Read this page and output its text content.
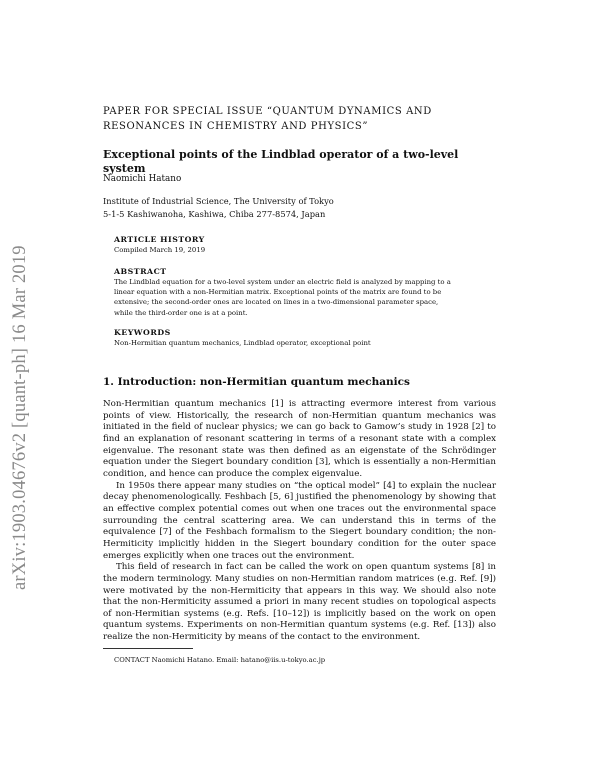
arXiv:1903.04676v2 [quant-ph] 16 Mar 2019
PAPER FOR SPECIAL ISSUE “QUANTUM DYNAMICS AND RESONANCES IN CHEMISTRY AND PHYSICS”
Exceptional points of the Lindblad operator of a two-level system
Naomichi Hatano
Institute of Industrial Science, The University of Tokyo
5-1-5 Kashiwanoha, Kashiwa, Chiba 277-8574, Japan
ARTICLE HISTORY
Compiled March 19, 2019
ABSTRACT
The Lindblad equation for a two-level system under an electric field is analyzed by mapping to a linear equation with a non-Hermitian matrix. Exceptional points of the matrix are found to be extensive; the second-order ones are located on lines in a two-dimensional parameter space, while the third-order one is at a point.
KEYWORDS
Non-Hermitian quantum mechanics, Lindblad operator, exceptional point
1. Introduction: non-Hermitian quantum mechanics

Non-Hermitian quantum mechanics [1] is attracting evermore interest from various points of view. Historically, the research of non-Hermitian quantum mechanics was initiated in the field of nuclear physics; we can go back to Gamow’s study in 1928 [2] to find an explanation of resonant scattering in terms of a resonant state with a complex eigenvalue. The resonant state was then defined as an eigenstate of the Schrödinger equation under the Siegert boundary condition [3], which is essentially a non-Hermitian condition, and hence can produce the complex eigenvalue.

In 1950s there appear many studies on “the optical model” [4] to explain the nuclear decay phenomenologically. Feshbach [5, 6] justified the phenomenology by showing that an effective complex potential comes out when one traces out the environmental space surrounding the central scattering area. We can understand this in terms of the equivalence [7] of the Feshbach formalism to the Siegert boundary condition; the non-Hermiticity implicitly hidden in the Siegert boundary condition for the outer space emerges explicitly when one traces out the environment.

This field of research in fact can be called the work on open quantum systems [8] in the modern terminology. Many studies on non-Hermitian random matrices (e.g. Ref. [9]) were motivated by the non-Hermiticity that appears in this way. We should also note that the non-Hermiticity assumed a priori in many recent studies on topological aspects of non-Hermitian systems (e.g. Refs. [10–12]) is implicitly based on the work on open quantum systems. Experiments on non-Hermitian quantum systems (e.g. Ref. [13]) also realize the non-Hermiticity by means of the contact to the environment.

CONTACT Naomichi Hatano. Email: hatano@iis.u-tokyo.ac.jp
